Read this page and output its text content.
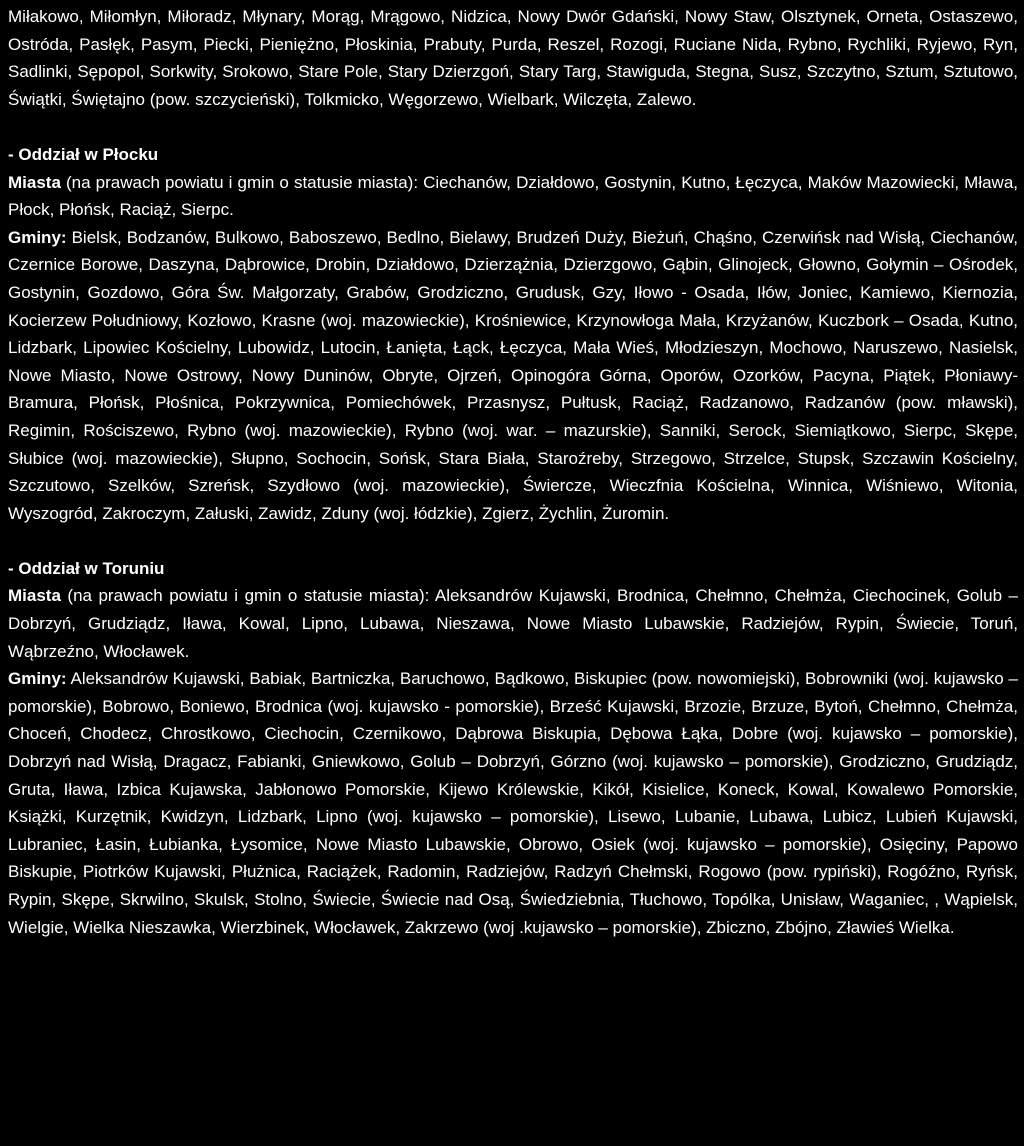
Miłakowo, Miłomłyn, Miłoradz, Młynary, Morąg, Mrągowo, Nidzica, Nowy Dwór Gdański, Nowy Staw, Olsztynek, Orneta, Ostaszewo, Ostróda, Pasłęk, Pasym, Piecki, Pieniężno, Płoskinia, Prabuty, Purda, Reszel, Rozogi, Ruciane Nida, Rybno, Rychliki, Ryjewo, Ryn, Sadlinki, Sępopol, Sorkwity, Srokowo, Stare Pole, Stary Dzierzgoń, Stary Targ, Stawiguda, Stegna, Susz, Szczytno, Sztum, Sztutowo, Świątki, Świętajno (pow. szczycieński), Tolkmicko, Węgorzewo, Wielbark, Wilczęta, Zalewo.

- Oddział w Płocku

Miasta (na prawach powiatu i gmin o statusie miasta): Ciechanów, Działdowo, Gostynin, Kutno, Łęczyca, Maków Mazowiecki, Mława, Płock, Płońsk, Raciąż, Sierpc.

Gminy: Bielsk, Bodzanów, Bulkowo, Baboszewo, Bedlno, Bielawy, Brudzeń Duży, Bieżuń, Chąśno, Czerwińsk nad Wisłą, Ciechanów, Czernice Borowe, Daszyna, Dąbrowice, Drobin, Działdowo, Dzierzążnia, Dzierzgowo, Gąbin, Glinojeck, Głowno, Gołymin – Ośrodek, Gostynin, Gozdowo, Góra Św. Małgorzaty, Grabów, Grodziczno, Grudusk, Gzy, Iłowo - Osada, Iłów, Joniec, Kamiewo, Kiernozia, Kocierzew Południowy, Kozłowo, Krasne (woj. mazowieckie), Krośniewice, Krzynowłoga Mała, Krzyżanów, Kuczbork – Osada, Kutno, Lidzbark, Lipowiec Kościelny, Lubowidz, Lutocin, Łanięta, Łąck, Łęczyca, Mała Wieś, Młodzieszyn, Mochowo, Naruszewo, Nasielsk, Nowe Miasto, Nowe Ostrowy, Nowy Duninów, Obryte, Ojrzeń, Opinogóra Górna, Oporów, Ozorków, Pacyna, Piątek, Płoniawy-Bramura, Płońsk, Płośnica, Pokrzywnica, Pomiechówek, Przasnysz, Pułtusk, Raciąż, Radzanowo, Radzanów (pow. mławski), Regimin, Rościszewo, Rybno (woj. mazowieckie), Rybno (woj. war. – mazurskie), Sanniki, Serock, Siemiątkowo, Sierpc, Skępe, Słubice (woj. mazowieckie), Słupno, Sochocin, Sońsk, Stara Biała, Staroźreby, Strzegowo, Strzelce, Stupsk, Szczawin Kościelny, Szczutowo, Szelków, Szreńsk, Szydłowo (woj. mazowieckie), Świercze, Wieczfnia Kościelna, Winnica, Wiśniewo, Witonia, Wyszogród, Zakroczym, Załuski, Zawidz, Zduny (woj. łódzkie), Zgierz, Żychlin, Żuromin.

- Oddział w Toruniu

Miasta (na prawach powiatu i gmin o statusie miasta): Aleksandrów Kujawski, Brodnica, Chełmno, Chełmża, Ciechocinek, Golub – Dobrzyń, Grudziądz, Iława, Kowal, Lipno, Lubawa, Nieszawa, Nowe Miasto Lubawskie, Radziejów, Rypin, Świecie, Toruń, Wąbrzeźno, Włocławek.

Gminy: Aleksandrów Kujawski, Babiak, Bartniczka, Baruchowo, Bądkowo, Biskupiec (pow. nowomiejski), Bobrowniki (woj. kujawsko – pomorskie), Bobrowo, Boniewo, Brodnica (woj. kujawsko - pomorskie), Brześć Kujawski, Brzozie, Brzuze, Bytoń, Chełmno, Chełmża, Choceń, Chodecz, Chrostkowo, Ciechocin, Czernikowo, Dąbrowa Biskupia, Dębowa Łąka, Dobre (woj. kujawsko – pomorskie), Dobrzyń nad Wisłą, Dragacz, Fabianki, Gniewkowo, Golub – Dobrzyń, Górzno (woj. kujawsko – pomorskie), Grodziczno, Grudziądz, Gruta, Iława, Izbica Kujawska, Jabłonowo Pomorskie, Kijewo Królewskie, Kikół, Kisielice, Koneck, Kowal, Kowalewo Pomorskie, Książki, Kurzętnik, Kwidzyn, Lidzbark, Lipno (woj. kujawsko – pomorskie), Lisewo, Lubanie, Lubawa, Lubicz, Lubień Kujawski, Lubraniec, Łasin, Łubianka, Łysomice, Nowe Miasto Lubawskie, Obrowo, Osiek (woj. kujawsko – pomorskie), Osięciny, Papowo Biskupie, Piotrków Kujawski, Płużnica, Raciążek, Radomin, Radziejów, Radzyń Chełmski, Rogowo (pow. rypiński), Rogóźno, Ryńsk, Rypin, Skępe, Skrwilno, Skulsk, Stolno, Świecie, Świecie nad Osą, Świedziebnia, Tłuchowo, Topólka, Unisław, Waganiec, , Wąpielsk, Wielgie, Wielka Nieszawka, Wierzbinek, Włocławek, Zakrzewo (woj .kujawsko – pomorskie), Zbiczno, Zbójno, Zławieś Wielka.
